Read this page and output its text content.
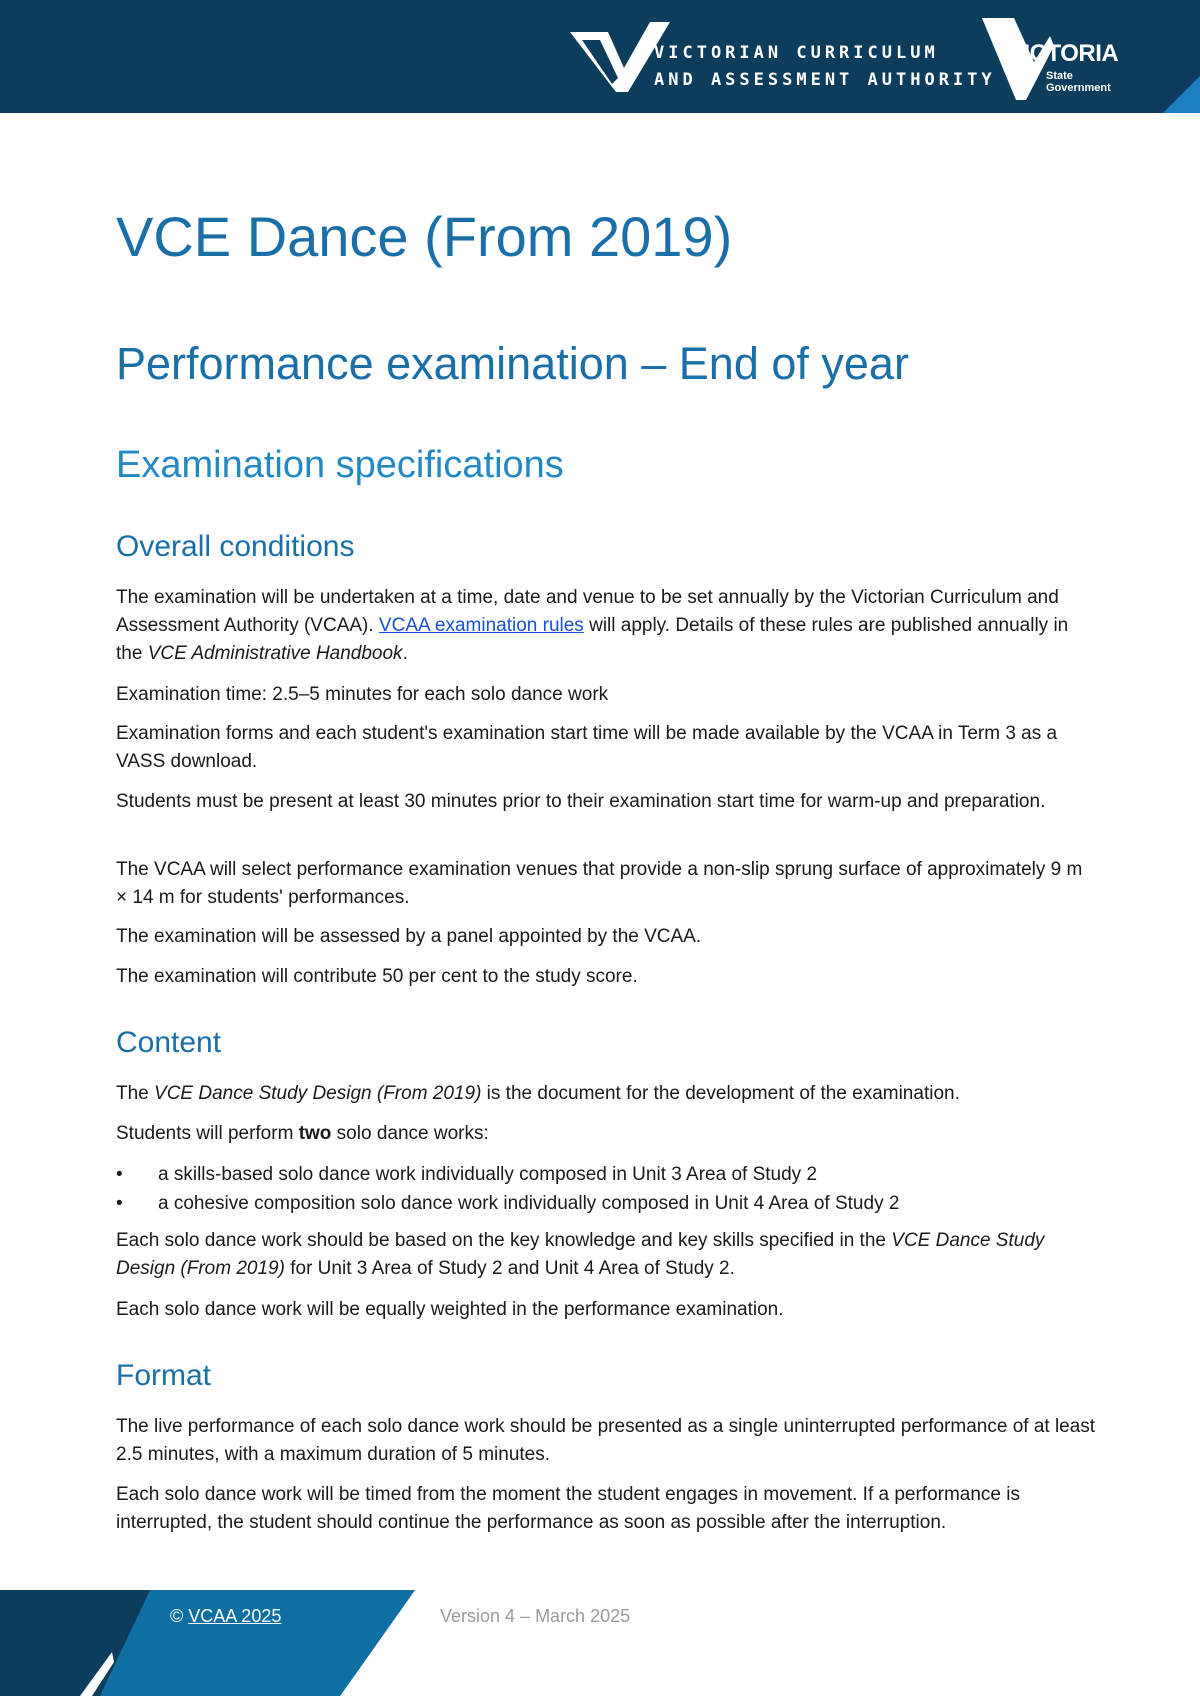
VICTORIAN CURRICULUM
AND ASSESSMENT AUTHORITY
VICTORIA
State
Government
VCE Dance (From 2019)
Performance examination – End of year
Examination specifications
Overall conditions

The examination will be undertaken at a time, date and venue to be set annually by the Victorian Curriculum and Assessment Authority (VCAA). VCAA examination rules will apply. Details of these rules are published annually in the VCE Administrative Handbook.

Examination time: 2.5–5 minutes for each solo dance work

Examination forms and each student's examination start time will be made available by the VCAA in Term 3 as a VASS download.

Students must be present at least 30 minutes prior to their examination start time for warm-up and preparation.

The VCAA will select performance examination venues that provide a non-slip sprung surface of approximately 9 m × 14 m for students' performances.

The examination will be assessed by a panel appointed by the VCAA.

The examination will contribute 50 per cent to the study score.

Content

The VCE Dance Study Design (From 2019) is the document for the development of the examination.

Students will perform two solo dance works:

• a skills-based solo dance work individually composed in Unit 3 Area of Study 2
• a cohesive composition solo dance work individually composed in Unit 4 Area of Study 2

Each solo dance work should be based on the key knowledge and key skills specified in the VCE Dance Study Design (From 2019) for Unit 3 Area of Study 2 and Unit 4 Area of Study 2.

Each solo dance work will be equally weighted in the performance examination.

Format

The live performance of each solo dance work should be presented as a single uninterrupted performance of at least 2.5 minutes, with a maximum duration of 5 minutes.

Each solo dance work will be timed from the moment the student engages in movement. If a performance is interrupted, the student should continue the performance as soon as possible after the interruption.

© VCAA 2025	Version 4 – March 2025
